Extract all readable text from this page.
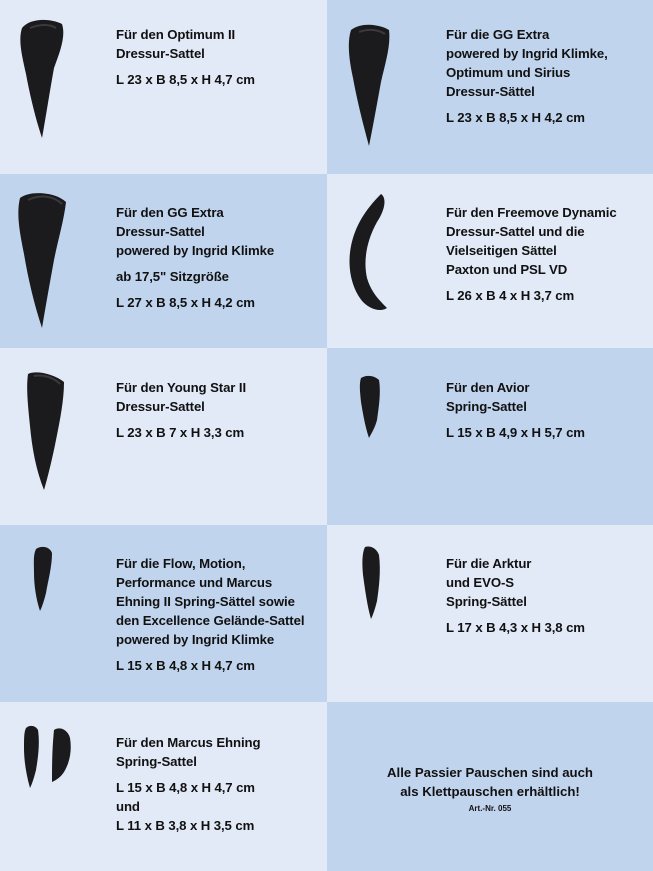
Für den Optimum II
Dressur-Sattel
L 23 x B 8,5 x H 4,7 cm
Für die GG Extra
powered by Ingrid Klimke,
Optimum und Sirius
Dressur-Sättel
L 23 x B 8,5 x H 4,2 cm
Für den GG Extra
Dressur-Sattel
powered by Ingrid Klimke
ab 17,5" Sitzgröße
L 27 x B 8,5 x H 4,2 cm
Für den Freemove Dynamic
Dressur-Sattel und die
Vielseitigen Sättel
Paxton und PSL VD
L 26 x B 4 x H 3,7 cm
Für den Young Star II
Dressur-Sattel
L 23 x B 7 x H 3,3 cm
Für den Avior
Spring-Sattel
L 15 x B 4,9 x H 5,7 cm
Für die Flow, Motion,
Performance und Marcus
Ehning II Spring-Sättel sowie
den Excellence Gelände-Sattel
powered by Ingrid Klimke
L 15 x B 4,8 x H 4,7 cm
Für die Arktur
und EVO-S
Spring-Sättel
L 17 x B 4,3 x H 3,8 cm
Für den Marcus Ehning
Spring-Sattel
L 15 x B 4,8 x H 4,7 cm
und
L 11 x B 3,8 x H 3,5 cm
Alle Passier Pauschen sind auch
als Klettpauschen erhältlich!
Art.-Nr. 055
